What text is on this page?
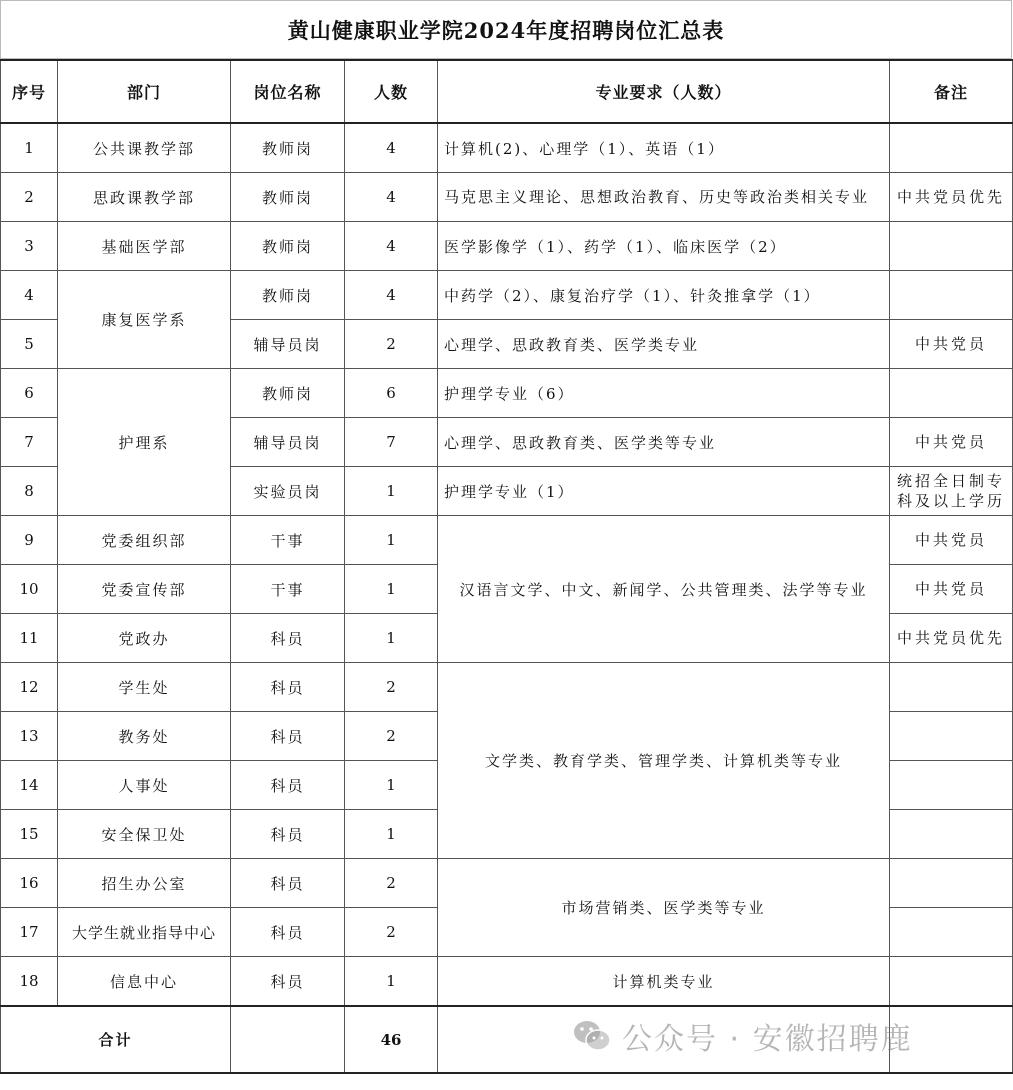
黄山健康职业学院2024年度招聘岗位汇总表
序号	部门	岗位名称	人数	专业要求（人数）	备注
1	公共课教学部	教师岗	4	计算机(2)、心理学（1）、英语（1）	
2	思政课教学部	教师岗	4	马克思主义理论、思想政治教育、历史等政治类相关专业	中共党员优先
3	基础医学部	教师岗	4	医学影像学（1）、药学（1）、临床医学（2）	
4	康复医学系	教师岗	4	中药学（2）、康复治疗学（1）、针灸推拿学（1）	
5		辅导员岗	2	心理学、思政教育类、医学类专业	中共党员
6	护理系	教师岗	6	护理学专业（6）	
7		辅导员岗	7	心理学、思政教育类、医学类等专业	中共党员
8		实验员岗	1	护理学专业（1）	统招全日制专科及以上学历
9	党委组织部	干事	1	汉语言文学、中文、新闻学、公共管理类、法学等专业	中共党员
10	党委宣传部	干事	1		中共党员
11	党政办	科员	1		中共党员优先
12	学生处	科员	2	文学类、教育学类、管理学类、计算机类等专业	
13	教务处	科员	2		
14	人事处	科员	1		
15	安全保卫处	科员	1		
16	招生办公室	科员	2	市场营销类、医学类等专业	
17	大学生就业指导中心	科员	2		
18	信息中心	科员	1	计算机类专业	
合计			46			公众号 · 安徽招聘鹿
